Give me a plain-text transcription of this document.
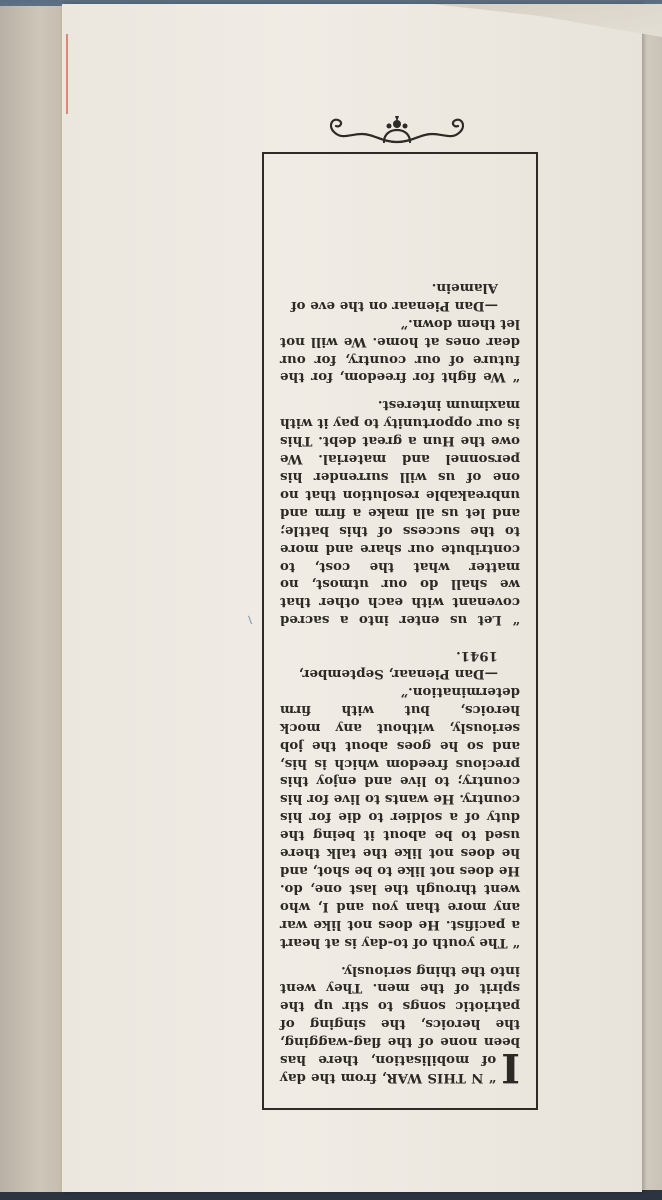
I
“ N THIS WAR, from the day of mobilisation, there has been none of the flag-wagging, the heroics, the singing of patriotic songs to stir up the spirit of the men. They went into the thing seriously.

“ The youth of to-day is at heart a pacifist. He does not like war any more than you and I, who went through the last one, do. He does not like to be shot, and he does not like the talk there used to be about it being the duty of a soldier to die for his country. He wants to live for his country; to live and enjoy this precious freedom which is his, and so he goes about the job seriously, without any mock heroics, but with firm determination.”

—Dan Pienaar, September, 1941.

“ Let us enter into a sacred covenant with each other that we shall do our utmost, no matter what the cost, to contribute our share and more to the success of this battle; and let us all make a firm and unbreakable resolution that no one of us will surrender his personnel and material. We owe the Hun a great debt. This is our opportunity to pay it with maximum interest.

“ We fight for freedom, for the future of our country, for our dear ones at home. We will not let them down.”

—Dan Pienaar on the eve of Alamein.
